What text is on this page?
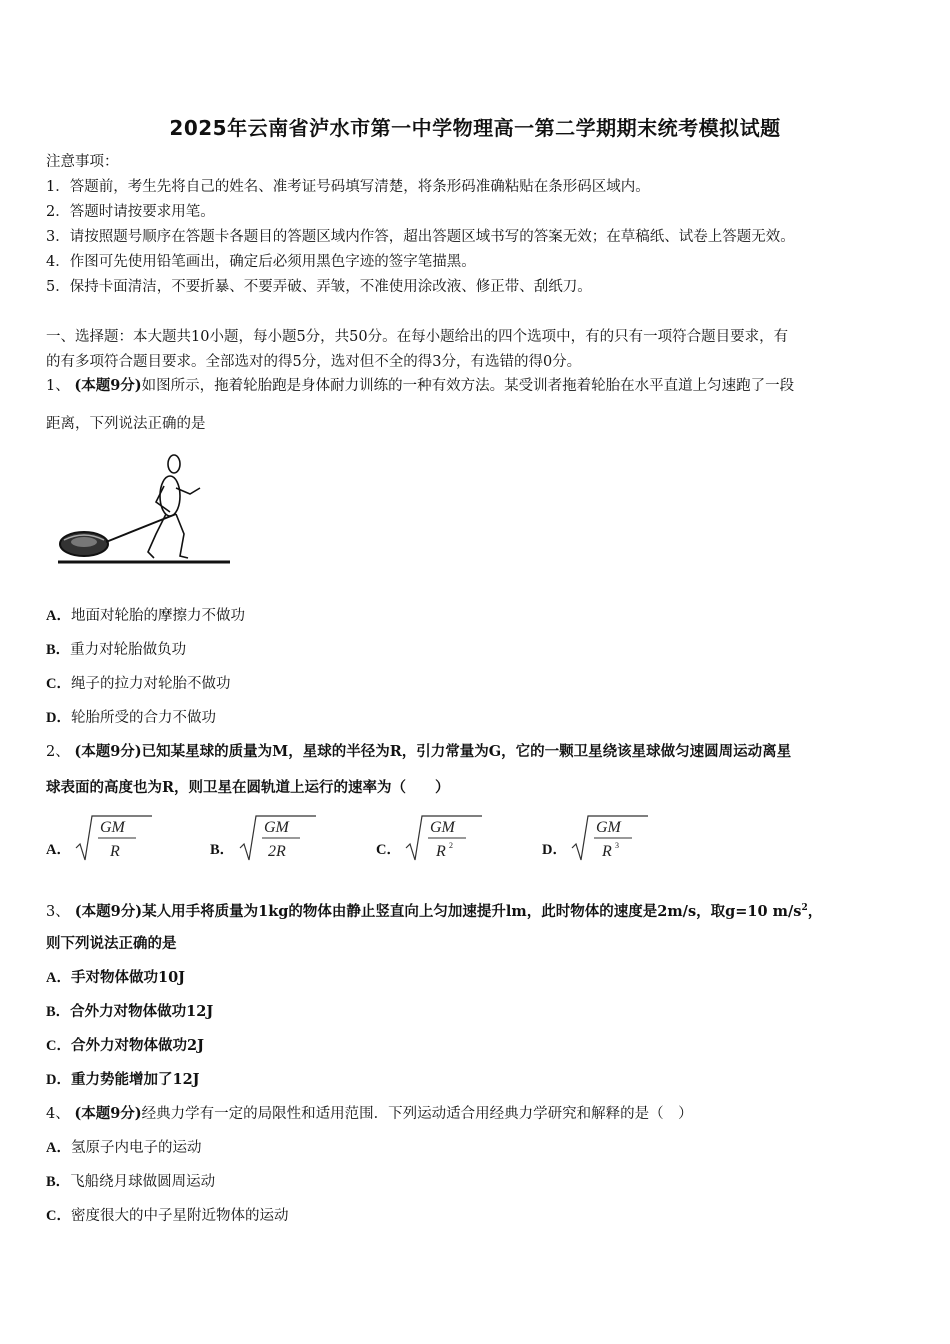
2025年云南省泸水市第一中学物理高一第二学期期末统考模拟试题
注意事项：
1．答题前，考生先将自己的姓名、准考证号码填写清楚，将条形码准确粘贴在条形码区域内。
2．答题时请按要求用笔。
3．请按照题号顺序在答题卡各题目的答题区域内作答，超出答题区域书写的答案无效；在草稿纸、试卷上答题无效。
4．作图可先使用铅笔画出，确定后必须用黑色字迹的签字笔描黑。
5．保持卡面清洁，不要折暴、不要弄破、弄皱，不准使用涂改液、修正带、刮纸刀。
一、选择题：本大题共10小题，每小题5分，共50分。在每小题给出的四个选项中，有的只有一项符合题目要求，有
的有多项符合题目要求。全部选对的得5分，选对但不全的得3分，有选错的得0分。
1、 (本题9分)如图所示，拖着轮胎跑是身体耐力训练的一种有效方法。某受训者拖着轮胎在水平直道上匀速跑了一段
距离，下列说法正确的是
A．地面对轮胎的摩擦力不做功
B．重力对轮胎做负功
C．绳子的拉力对轮胎不做功
D．轮胎所受的合力不做功
2、 (本题9分)已知某星球的质量为M，星球的半径为R，引力常量为G，它的一颗卫星绕该星球做匀速圆周运动离星
球表面的高度也为R，则卫星在圆轨道上运行的速率为（　　）
A．
GM
R	B．
GM
2R	C．
GM
R 2	D．
GM
R 3
3、 (本题9分)某人用手将质量为1kg的物体由静止竖直向上匀加速提升lm，此时物体的速度是2m/s，取g=10 $m/s^2$，
则下列说法正确的是
A．手对物体做功10J
B．合外力对物体做功12J
C．合外力对物体做功2J
D．重力势能增加了12J
4、 (本题9分)经典力学有一定的局限性和适用范围．下列运动适合用经典力学研究和解释的是（　）
A．氢原子内电子的运动
B．飞船绕月球做圆周运动
C．密度很大的中子星附近物体的运动
